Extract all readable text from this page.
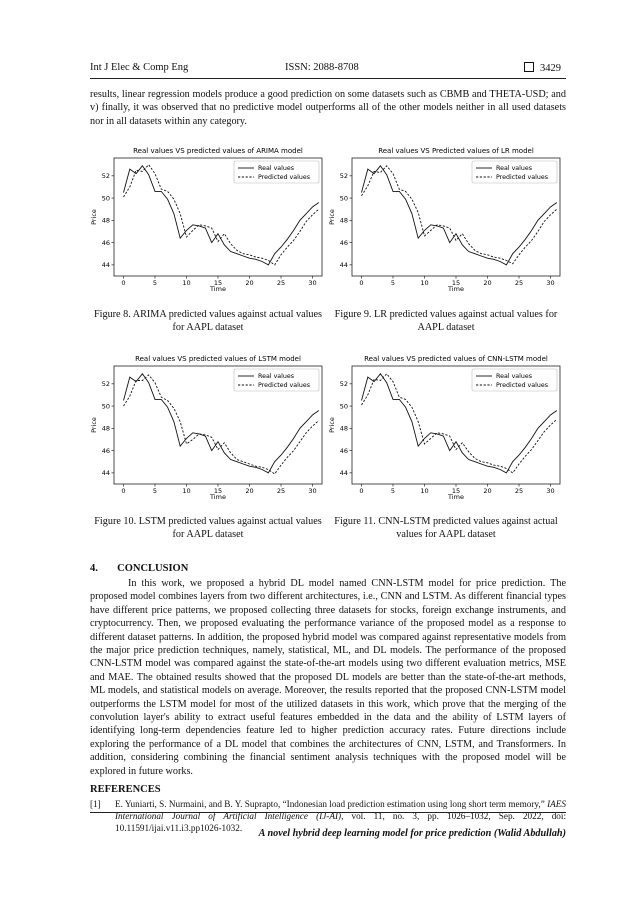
Int J Elec & Comp Eng	ISSN: 2088-8708	3429
results, linear regression models produce a good prediction on some datasets such as CBMB and THETA-USD; and v) finally, it was observed that no predictive model outperforms all of the other models neither in all used datasets nor in all datasets within any category.
Real values VS predicted values of ARIMA model
0	5	10	15	20	25	30
44
46
48
50
52
Time
Price
Real values
Predicted values
Real values VS Predicted values of LR model
0	5	10	15	20	25	30
44
46
48
50
52
Time
Price
Real values
Predicted values
Real values VS predicted values of LSTM model
0	5	10	15	20	25	30
44
46
48
50
52
Time
Price
Real values
Predicted values
Real values VS predicted values of CNN-LSTM model
0	5	10	15	20	25	30
44
46
48
50
52
Time
Price
Real values
Predicted values
Figure 8. ARIMA predicted values against actual values for AAPL dataset
Figure 9. LR predicted values against actual values for AAPL dataset
Figure 10. LSTM predicted values against actual values for AAPL dataset
Figure 11. CNN-LSTM predicted values against actual values for AAPL dataset
4. CONCLUSION
In this work, we proposed a hybrid DL model named CNN-LSTM model for price prediction. The proposed model combines layers from two different architectures, i.e., CNN and LSTM. As different financial types have different price patterns, we proposed collecting three datasets for stocks, foreign exchange instruments, and cryptocurrency. Then, we proposed evaluating the performance variance of the proposed model as a response to different dataset patterns. In addition, the proposed hybrid model was compared against representative models from the major price prediction techniques, namely, statistical, ML, and DL models. The performance of the proposed CNN-LSTM model was compared against the state-of-the-art models using two different evaluation metrics, MSE and MAE. The obtained results showed that the proposed DL models are better than the state-of-the-art methods, ML models, and statistical models on average. Moreover, the results reported that the proposed CNN-LSTM model outperforms the LSTM model for most of the utilized datasets in this work, which prove that the merging of the convolution layer's ability to extract useful features embedded in the data and the ability of LSTM layers of identifying long-term dependencies feature led to higher prediction accuracy rates. Future directions include exploring the performance of a DL model that combines the architectures of CNN, LSTM, and Transformers. In addition, considering combining the financial sentiment analysis techniques with the proposed model will be explored in future works.
REFERENCES
[1] E. Yuniarti, S. Nurmaini, and B. Y. Suprapto, “Indonesian load prediction estimation using long short term memory,” IAES International Journal of Artificial Intelligence (IJ-AI), vol. 11, no. 3, pp. 1026–1032, Sep. 2022, doi: 10.11591/ijai.v11.i3.pp1026-1032.	A novel hybrid deep learning model for price prediction (Walid Abdullah)
